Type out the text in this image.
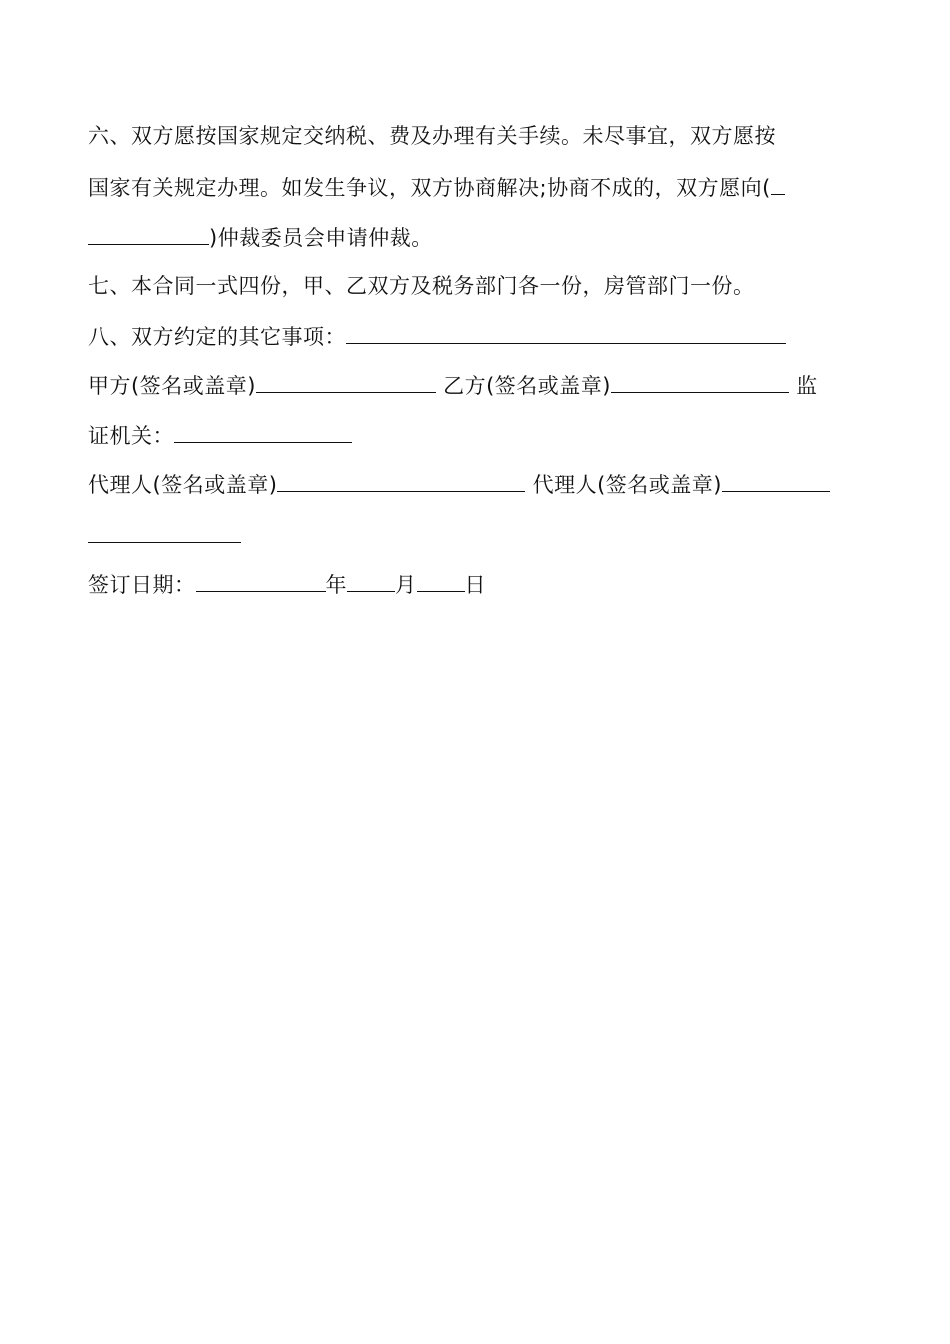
六、双方愿按国家规定交纳税、费及办理有关手续。未尽事宜，双方愿按
国家有关规定办理。如发生争议，双方协商解决;协商不成的，双方愿向(
)仲裁委员会申请仲裁。
七、本合同一式四份，甲、乙双方及税务部门各一份，房管部门一份。
八、双方约定的其它事项：
甲方(签名或盖章)	乙方(签名或盖章)	监
证机关：
代理人(签名或盖章)	代理人(签名或盖章)
签订日期：	年 月 日
